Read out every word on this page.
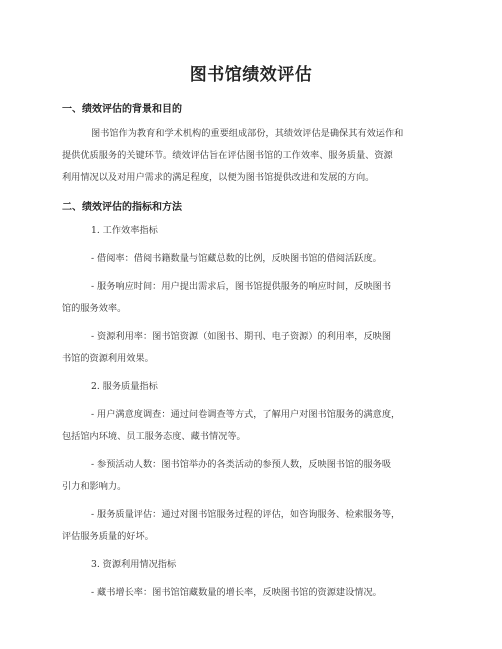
图书馆绩效评估
一、绩效评估的背景和目的
图书馆作为教育和学术机构的重要组成部份，其绩效评估是确保其有效运作和
提供优质服务的关键环节。绩效评估旨在评估图书馆的工作效率、服务质量、资源
利用情况以及对用户需求的满足程度，以便为图书馆提供改进和发展的方向。
二、绩效评估的指标和方法
1. 工作效率指标
- 借阅率：借阅书籍数量与馆藏总数的比例，反映图书馆的借阅活跃度。
- 服务响应时间：用户提出需求后，图书馆提供服务的响应时间，反映图书
馆的服务效率。
- 资源利用率：图书馆资源（如图书、期刊、电子资源）的利用率，反映图
书馆的资源利用效果。
2. 服务质量指标
- 用户满意度调查：通过问卷调查等方式，了解用户对图书馆服务的满意度，
包括馆内环境、员工服务态度、藏书情况等。
- 参预活动人数：图书馆举办的各类活动的参预人数，反映图书馆的服务吸
引力和影响力。
- 服务质量评估：通过对图书馆服务过程的评估，如咨询服务、检索服务等，
评估服务质量的好坏。
3. 资源利用情况指标
- 藏书增长率：图书馆馆藏数量的增长率，反映图书馆的资源建设情况。
